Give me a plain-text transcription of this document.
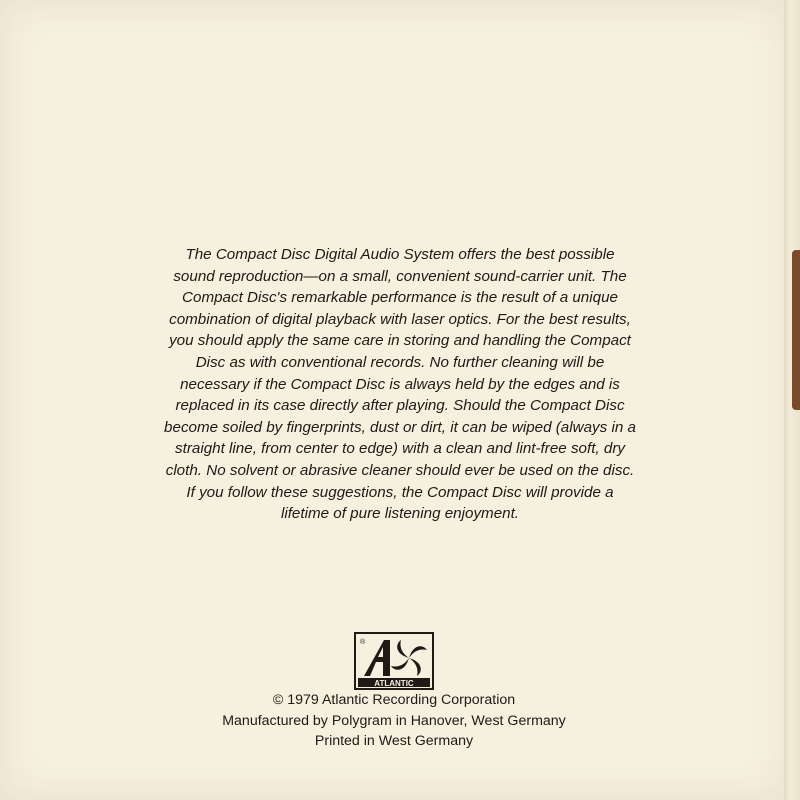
The Compact Disc Digital Audio System offers the best possible
sound reproduction—on a small, convenient sound-carrier unit. The
Compact Disc's remarkable performance is the result of a unique
combination of digital playback with laser optics. For the best results,
you should apply the same care in storing and handling the Compact
Disc as with conventional records. No further cleaning will be
necessary if the Compact Disc is always held by the edges and is
replaced in its case directly after playing. Should the Compact Disc
become soiled by fingerprints, dust or dirt, it can be wiped (always in a
straight line, from center to edge) with a clean and lint-free soft, dry
cloth. No solvent or abrasive cleaner should ever be used on the disc.
If you follow these suggestions, the Compact Disc will provide a
lifetime of pure listening enjoyment.

®
ATLANTIC
© 1979 Atlantic Recording Corporation
Manufactured by Polygram in Hanover, West Germany
Printed in West Germany
